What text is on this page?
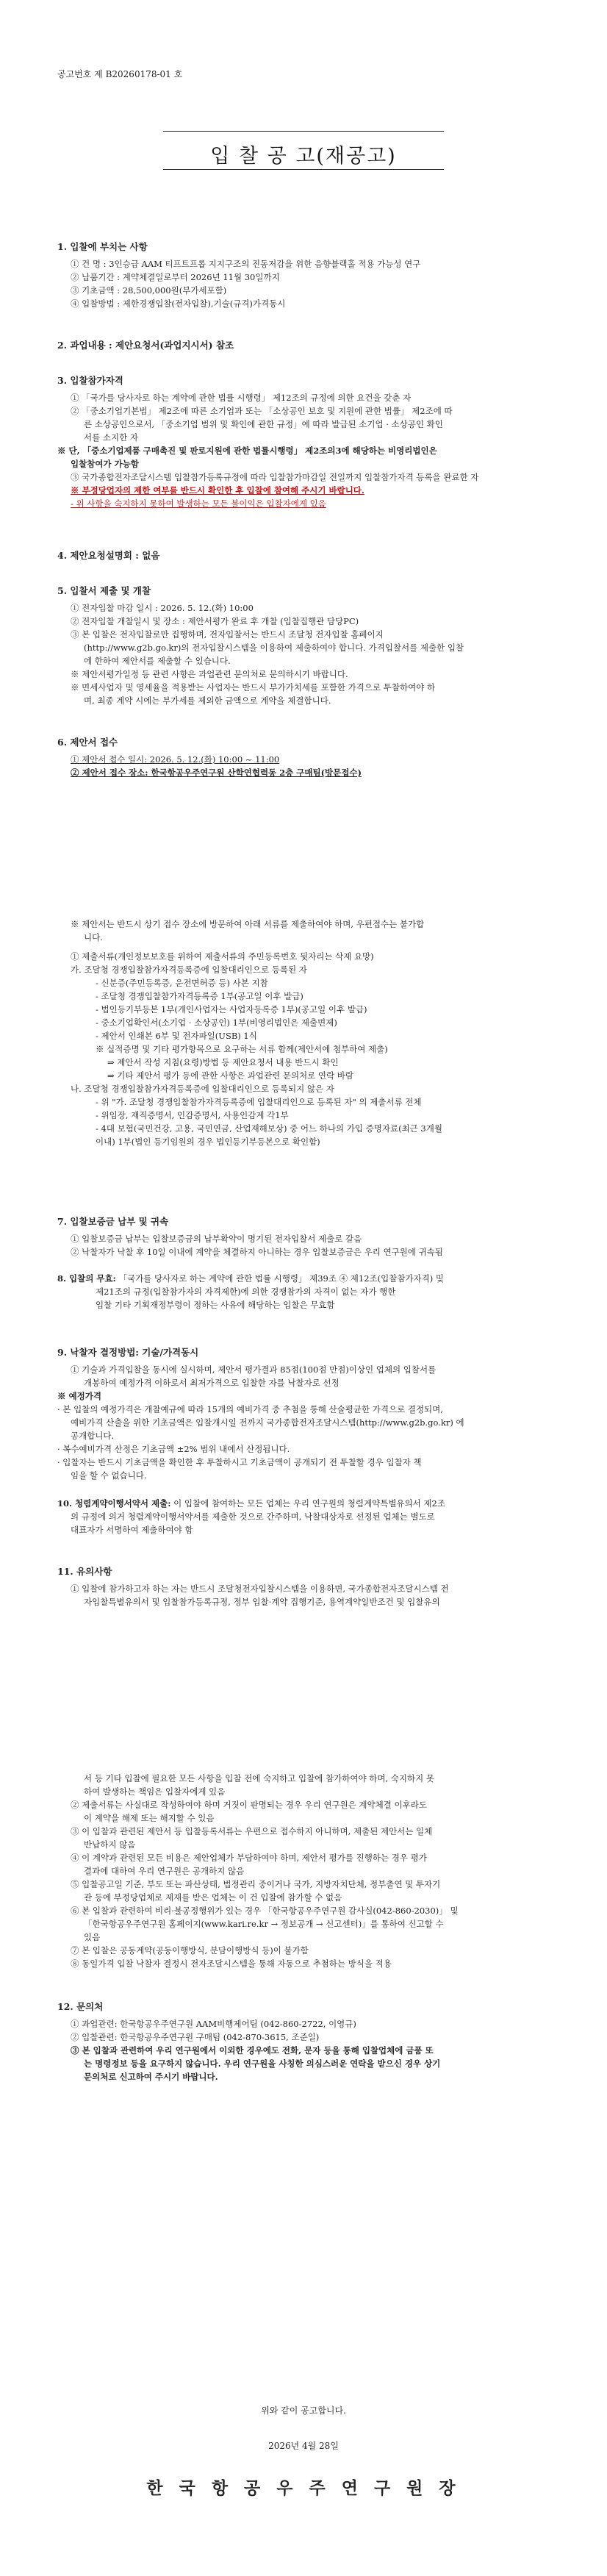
공고번호 제 B20260178-01 호
입 찰 공 고(재공고)
1. 입찰에 부치는 사항
① 건 명 : 3인승급 AAM 티프트프롭 지지구조의 진동저감을 위한 음향블랙홀 적용 가능성 연구
② 납품기간 : 계약체결일로부터 2026년 11월 30일까지
③ 기초금액 : 28,500,000원(부가세포함)
④ 입찰방법 : 제한경쟁입찰(전자입찰),기술(규격)가격동시
2. 과업내용 : 제안요청서(과업지시서) 참조
3. 입찰참가자격
① 「국가를 당사자로 하는 계약에 관한 법률 시행령」 제12조의 규정에 의한 요건을 갖춘 자
② 「중소기업기본법」 제2조에 따른 소기업과 또는 「소상공인 보호 및 지원에 관한 법률」 제2조에 따
른 소상공인으로서, 「중소기업 범위 및 확인에 관한 규정」에 따라 발급된 소기업 · 소상공인 확인
서를 소지한 자
※ 단, 「중소기업제품 구매촉진 및 판로지원에 관한 법률시행령」 제2조의3에 해당하는 비영리법인은
입찰참여가 가능함
③ 국가종합전자조달시스템 입찰참가등록규정에 따라 입찰참가마감일 전일까지 입찰참가자격 등록을 완료한 자
※ 부정당업자의 제한 여부를 반드시 확인한 후 입찰에 참여해 주시기 바랍니다.
- 위 사항을 숙지하지 못하여 발생하는 모든 불이익은 입찰자에게 있음
4. 제안요청설명회 : 없음
5. 입찰서 제출 및 개찰
① 전자입찰 마감 일시 : 2026. 5. 12.(화) 10:00
② 전자입찰 개찰일시 및 장소 : 제안서평가 완료 후 개찰 (입찰집행관 담당PC)
③ 본 입찰은 전자입찰로만 집행하며, 전자입찰서는 반드시 조달청 전자입찰 홈페이지
(http://www.g2b.go.kr)의 전자입찰시스템을 이용하여 제출하여야 합니다. 가격입찰서를 제출한 입찰
에 한하여 제안서를 제출할 수 있습니다.
※ 제안서평가일정 등 관련 사항은 과업관련 문의처로 문의하시기 바랍니다.
※ 면세사업자 및 영세율을 적용받는 사업자는 반드시 부가가치세를 포함한 가격으로 투찰하여야 하
며, 최종 계약 시에는 부가세를 제외한 금액으로 계약을 체결합니다.
6. 제안서 접수
① 제안서 접수 일시: 2026. 5. 12.(화) 10:00 ~ 11:00
② 제안서 접수 장소: 한국항공우주연구원 산학연협력동 2층 구매팀(방문접수)
※ 제안서는 반드시 상기 접수 장소에 방문하여 아래 서류를 제출하여야 하며, 우편접수는 불가합
니다.
① 제출서류(개인정보보호를 위하여 제출서류의 주민등록번호 뒷자리는 삭제 요망)
가. 조달청 경쟁입찰참가자격등록증에 입찰대리인으로 등록된 자
- 신분증(주민등록증, 운전면허증 등) 사본 지참
- 조달청 경쟁입찰참가자격등록증 1부(공고일 이후 발급)
- 법인등기부등본 1부(개인사업자는 사업자등록증 1부)(공고일 이후 발급)
- 중소기업확인서(소기업 · 소상공인) 1부(비영리법인은 제출면제)
- 제안서 인쇄본 6부 및 전자파일(USB) 1식
※ 실적증명 및 기타 평가항목으로 요구하는 서류 함께(제안서에 첨부하여 제출)
⇒ 제안서 작성 지침(요령)방법 등 제안요청서 내용 반드시 확인
⇒ 기타 제안서 평가 등에 관한 사항은 과업관련 문의처로 연락 바람
나. 조달청 경쟁입찰참가자격등록증에 입찰대리인으로 등록되지 않은 자
- 위 "가. 조달청 경쟁입찰참가자격등록증에 입찰대리인으로 등록된 자" 의 제출서류 전체
- 위임장, 재직증명서, 인감증명서, 사용인감계 각1부
- 4대 보험(국민건강, 고용, 국민연금, 산업재해보상) 중 어느 하나의 가입 증명자료(최근 3개월
이내) 1부(법인 등기임원의 경우 법인등기부등본으로 확인함)
7. 입찰보증금 납부 및 귀속
① 입찰보증금 납부는 입찰보증금의 납부확약이 명기된 전자입찰서 제출로 갈음
② 낙찰자가 낙찰 후 10일 이내에 계약을 체결하지 아니하는 경우 입찰보증금은 우리 연구원에 귀속됨
8. 입찰의 무효: 「국가를 당사자로 하는 계약에 관한 법률 시행령」 제39조 ④ 제12조(입찰참가자격) 및
제21조의 규정(입찰참가자의 자격제한)에 의한 경쟁참가의 자격이 없는 자가 행한
입찰 기타 기획재정부령이 정하는 사유에 해당하는 입찰은 무효함
9. 낙찰자 결정방법: 기술/가격동시
① 기술과 가격입찰을 동시에 실시하며, 제안서 평가결과 85점(100점 만점)이상인 업체의 입찰서를
개봉하여 예정가격 이하로서 최저가격으로 입찰한 자를 낙찰자로 선정
※ 예정가격
· 본 입찰의 예정가격은 개찰예규에 따라 15개의 예비가격 중 추첨을 통해 산술평균한 가격으로 결정되며,
예비가격 산출을 위한 기초금액은 입찰개시일 전까지 국가종합전자조달시스템(http://www.g2b.go.kr) 에
공개합니다.
· 복수예비가격 산정은 기초금액 ±2% 범위 내에서 산정됩니다.
· 입찰자는 반드시 기초금액을 확인한 후 투찰하시고 기초금액이 공개되기 전 투찰할 경우 입찰자 책
임을 할 수 없습니다.
10. 청렴계약이행서약서 제출: 이 입찰에 참여하는 모든 업체는 우리 연구원의 청렴계약특별유의서 제2조
의 규정에 의거 청렴계약이행서약서를 제출한 것으로 간주하며, 낙찰대상자로 선정된 업체는 별도로
대표자가 서명하여 제출하여야 함
11. 유의사항
① 입찰에 참가하고자 하는 자는 반드시 조달청전자입찰시스템을 이용하면, 국가종합전자조달시스템 전
자입찰특별유의서 및 입찰참가등록규정, 정부 입찰·계약 집행기준, 용역계약일반조건 및 입찰유의
서 등 기타 입찰에 필요한 모든 사항을 입찰 전에 숙지하고 입찰에 참가하여야 하며, 숙지하지 못
하여 발생하는 책임은 입찰자에게 있음
② 제출서류는 사실대로 작성하여야 하며 거짓이 판명되는 경우 우리 연구원은 계약체결 이후라도
이 계약을 해제 또는 해지할 수 있음
③ 이 입찰과 관련된 제안서 등 입찰등록서류는 우편으로 접수하지 아니하며, 제출된 제안서는 일체
반납하지 않음
④ 이 계약과 관련된 모든 비용은 제안업체가 부담하여야 하며, 제안서 평가를 진행하는 경우 평가
결과에 대하여 우리 연구원은 공개하지 않음
⑤ 입찰공고일 기준, 부도 또는 파산상태, 법정관리 중이거나 국가, 지방자치단체, 정부출연 및 투자기
관 등에 부정당업체로 제재를 받은 업체는 이 건 입찰에 참가할 수 없음
⑥ 본 입찰과 관련하여 비리·불공정행위가 있는 경우 「한국항공우주연구원 감사실(042-860-2030)」 및
「한국항공우주연구원 홈페이지(www.kari.re.kr → 정보공개 → 신고센터)」를 통하여 신고할 수
있음
⑦ 본 입찰은 공동계약(공동이행방식, 분담이행방식 등)이 불가함
⑧ 동일가격 입찰 낙찰자 결정시 전자조달시스템을 통해 자동으로 추첨하는 방식을 적용
12. 문의처
① 과업관련: 한국항공우주연구원 AAM비행제어팀 (042-860-2722, 이영규)
② 입찰관련: 한국항공우주연구원 구매팀 (042-870-3615, 조준일)
③ 본 입찰과 관련하여 우리 연구원에서 이외한 경우에도 전화, 문자 등을 통해 입찰업체에 금품 또
는 명령정보 등을 요구하지 않습니다. 우리 연구원을 사칭한 의심스러운 연락을 받으신 경우 상기
문의처로 신고하여 주시기 바랍니다.
위와 같이 공고합니다.
2026년 4월 28일
한 국 항 공 우 주 연 구 원 장
